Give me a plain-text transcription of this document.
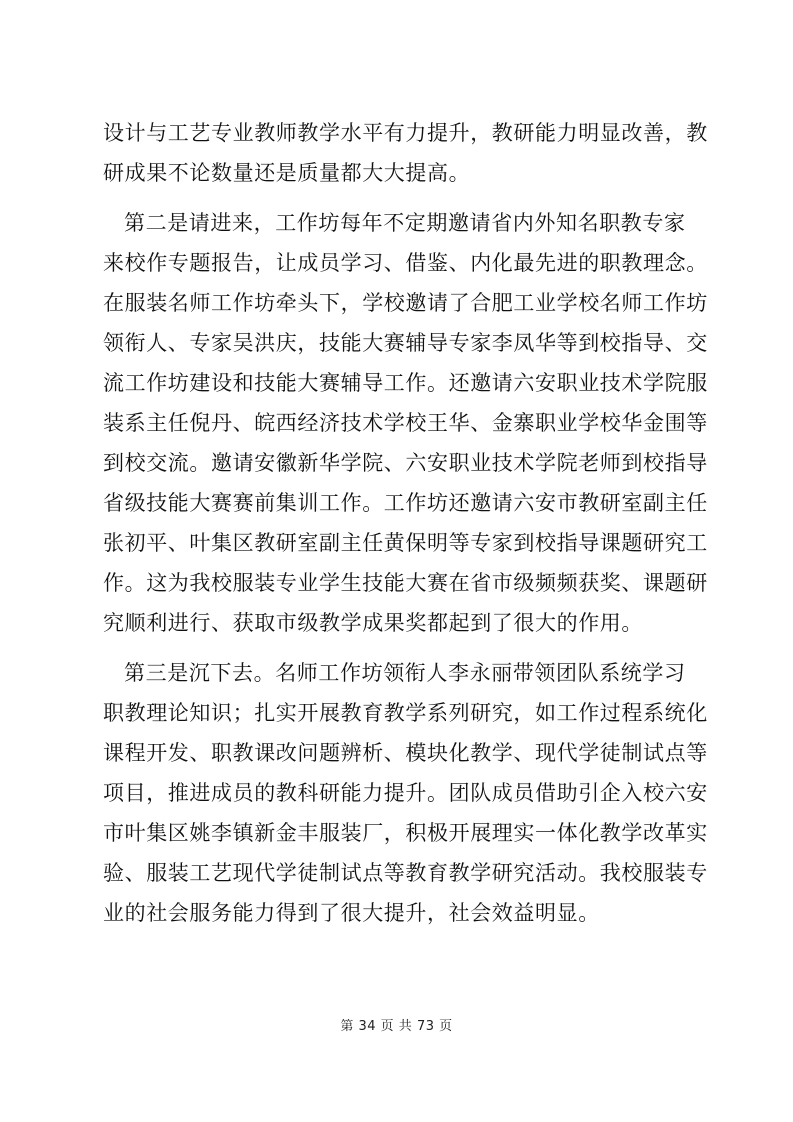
设计与工艺专业教师教学水平有力提升，教研能力明显改善，教
研成果不论数量还是质量都大大提高。
第二是请进来，工作坊每年不定期邀请省内外知名职教专家
来校作专题报告，让成员学习、借鉴、内化最先进的职教理念。
在服装名师工作坊牵头下，学校邀请了合肥工业学校名师工作坊
领衔人、专家吴洪庆，技能大赛辅导专家李凤华等到校指导、交
流工作坊建设和技能大赛辅导工作。还邀请六安职业技术学院服
装系主任倪丹、皖西经济技术学校王华、金寨职业学校华金围等
到校交流。邀请安徽新华学院、六安职业技术学院老师到校指导
省级技能大赛赛前集训工作。工作坊还邀请六安市教研室副主任
张初平、叶集区教研室副主任黄保明等专家到校指导课题研究工
作。这为我校服装专业学生技能大赛在省市级频频获奖、课题研
究顺利进行、获取市级教学成果奖都起到了很大的作用。
第三是沉下去。名师工作坊领衔人李永丽带领团队系统学习
职教理论知识；扎实开展教育教学系列研究，如工作过程系统化
课程开发、职教课改问题辨析、模块化教学、现代学徒制试点等
项目，推进成员的教科研能力提升。团队成员借助引企入校六安
市叶集区姚李镇新金丰服装厂，积极开展理实一体化教学改革实
验、服装工艺现代学徒制试点等教育教学研究活动。我校服装专
业的社会服务能力得到了很大提升，社会效益明显。
第 34 页 共 73 页
